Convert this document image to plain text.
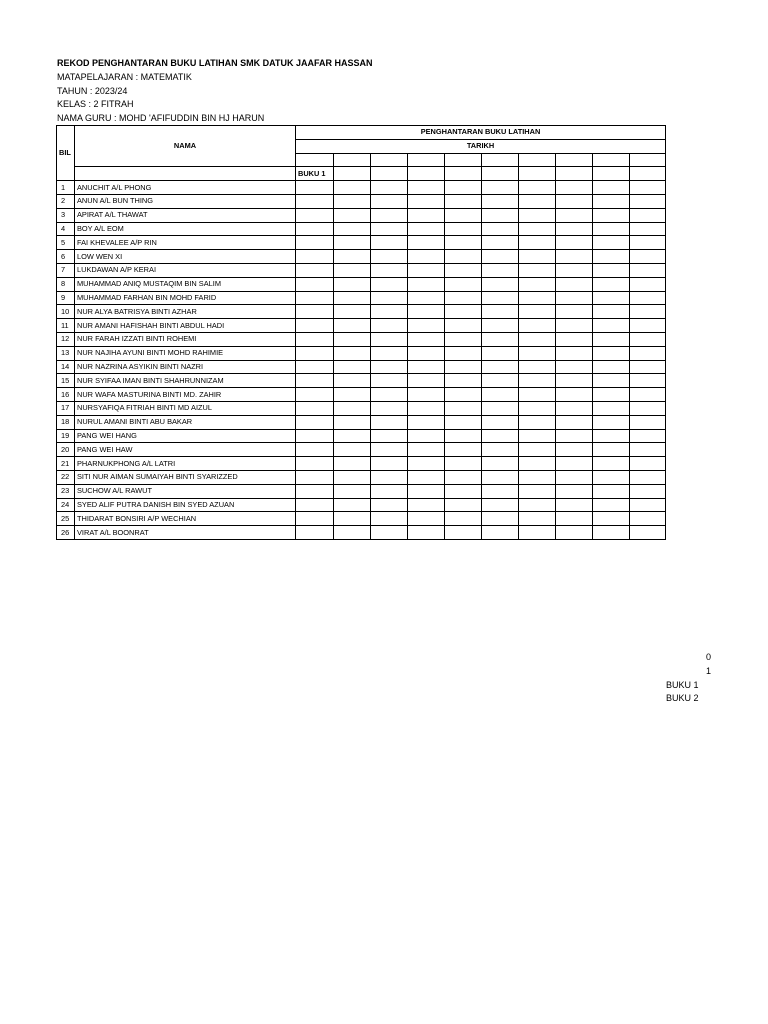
REKOD PENGHANTARAN BUKU LATIHAN SMK DATUK JAAFAR HASSAN
MATAPELAJARAN : MATEMATIK
TAHUN : 2023/24
KELAS : 2 FITRAH
NAMA GURU : MOHD 'AFIFUDDIN BIN HJ HARUN
BIL	NAMA	PENGHANTARAN BUKU LATIHAN									
		TARIKH									

		BUKU 1									
1	ANUCHIT A/L PHONG										
2	ANUN A/L BUN THING										
3	APIRAT A/L THAWAT										
4	BOY A/L EOM										
5	FAI KHEVALEE A/P RIN										
6	LOW WEN XI										
7	LUKDAWAN A/P KERAI										
8	MUHAMMAD ANIQ MUSTAQIM BIN SALIM										
9	MUHAMMAD FARHAN BIN MOHD FARID										
10	NUR ALYA BATRISYA BINTI AZHAR										
11	NUR AMANI HAFISHAH BINTI ABDUL HADI										
12	NUR FARAH IZZATI BINTI ROHEMI										
13	NUR NAJIHA AYUNI BINTI MOHD RAHIMIE										
14	NUR NAZRINA ASYIKIN BINTI NAZRI										
15	NUR SYIFAA IMAN BINTI SHAHRUNNIZAM										
16	NUR WAFA MASTURINA BINTI MD. ZAHIR										
17	NURSYAFIQA FITRIAH BINTI MD AIZUL										
18	NURUL AMANI BINTI ABU BAKAR										
19	PANG WEI HANG										
20	PANG WEI HAW										
21	PHARNUKPHONG A/L LATRI										
22	SITI NUR AIMAN SUMAIYAH BINTI SYARIZZED										
23	SUCHOW A/L RAWUT										
24	SYED ALIF PUTRA DANISH BIN SYED AZUAN										
25	THIDARAT BONSIRI A/P WECHIAN										
26	VIRAT A/L BOONRAT										
0
1
BUKU 1
BUKU 2
